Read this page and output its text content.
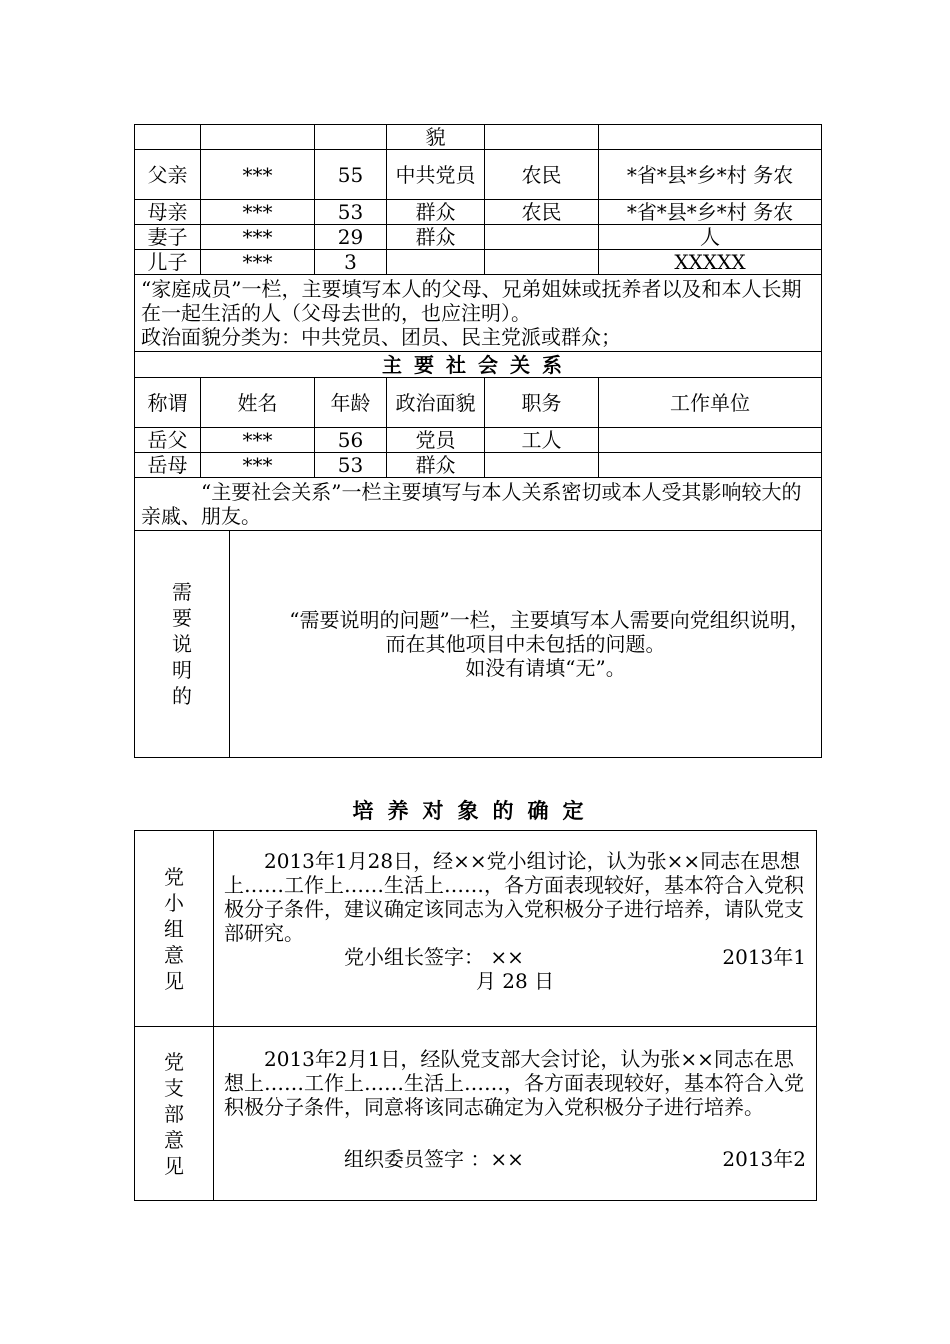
			貌		
父亲	***	55	中共党员	农民	*省*县*乡*村 务农
母亲	***	53	群众	农民	*省*县*乡*村 务农
妻子	***	29	群众		人
儿子	***	3			XXXXX

“家庭成员”一栏，主要填写本人的父母、兄弟姐妹或抚养者以及和本人长期在一起生活的人（父母去世的，也应注明）。
政治面貌分类为：中共党员、团员、民主党派或群众；					

主要社会关系					
称谓	姓名	年龄	政治面貌	职务	工作单位
岳父	***	56	党员	工人	
岳母	***	53	群众		

“主要社会关系”一栏主要填写与本人关系密切或本人受其影响较大的亲戚、朋友。					

需要说明的

“需要说明的问题”一栏，主要填写本人需要向党组织说明，而在其他项目中未包括的问题。

如没有请填“无”。					

培养对象的确定
党小组意见	2013年1月28日，经××党小组讨论，认为张××同志在思想上……工作上……生活上……，各方面表现较好，基本符合入党积极分子条件，建议确定该同志为入党积极分子进行培养，请队党支部研究。

党小组长签字： ×× 2013年1
月 28 日

党支部意见	2013年2月1日，经队党支部大会讨论，认为张××同志在思想上……工作上……生活上……，各方面表现较好，基本符合入党积极分子条件，同意将该同志确定为入党积极分子进行培养。

组织委员签字 ：×× 2013年2
